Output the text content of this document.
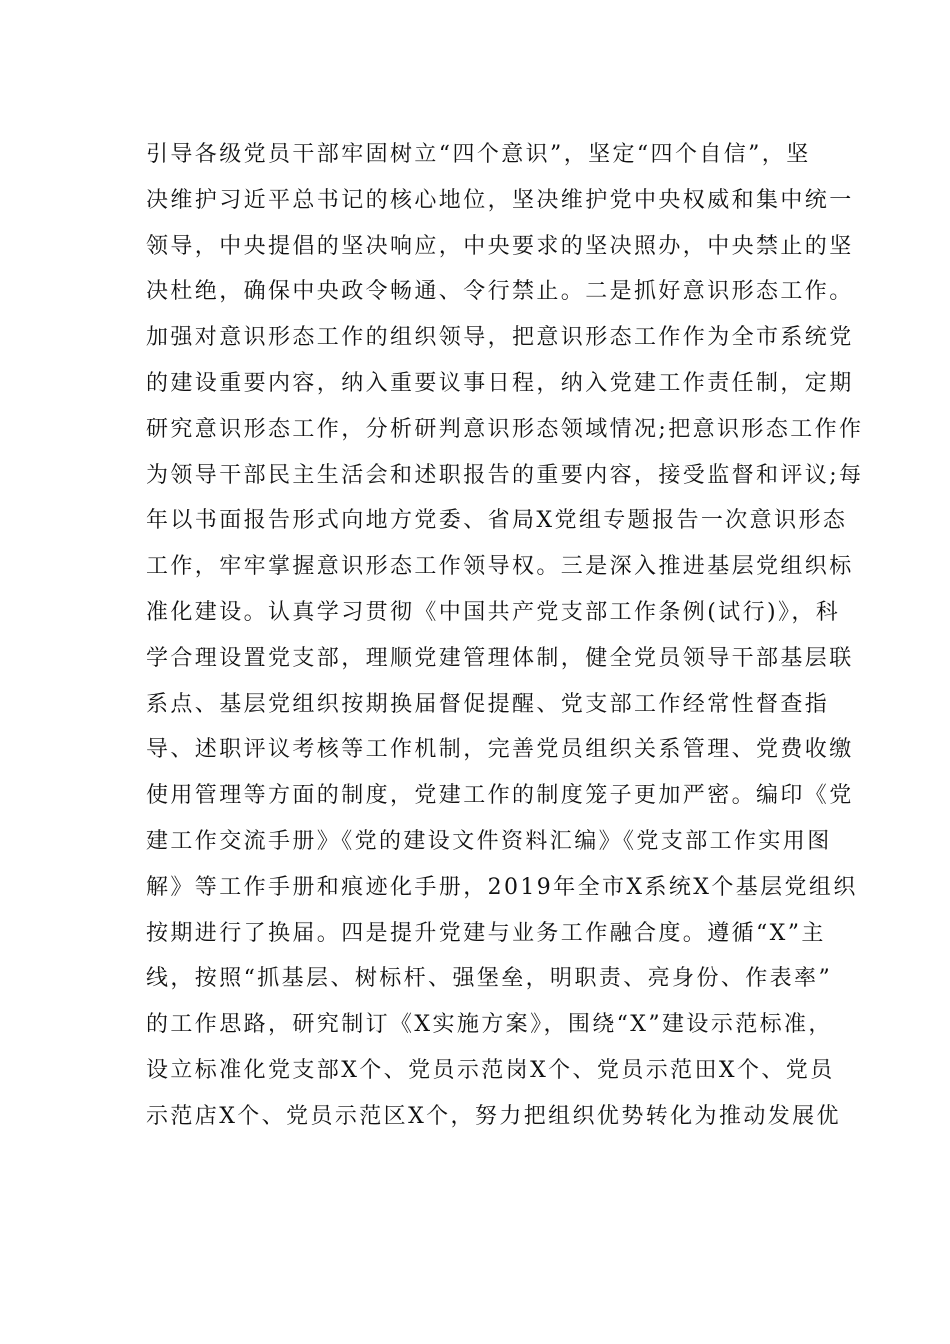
引导各级党员干部牢固树立“四个意识”，坚定“四个自信”，坚
决维护习近平总书记的核心地位，坚决维护党中央权威和集中统一
领导，中央提倡的坚决响应，中央要求的坚决照办，中央禁止的坚
决杜绝，确保中央政令畅通、令行禁止。二是抓好意识形态工作。
加强对意识形态工作的组织领导，把意识形态工作作为全市系统党
的建设重要内容，纳入重要议事日程，纳入党建工作责任制，定期
研究意识形态工作，分析研判意识形态领域情况;把意识形态工作作
为领导干部民主生活会和述职报告的重要内容，接受监督和评议;每
年以书面报告形式向地方党委、省局X党组专题报告一次意识形态
工作，牢牢掌握意识形态工作领导权。三是深入推进基层党组织标
准化建设。认真学习贯彻《中国共产党支部工作条例(试行)》，科
学合理设置党支部，理顺党建管理体制，健全党员领导干部基层联
系点、基层党组织按期换届督促提醒、党支部工作经常性督查指
导、述职评议考核等工作机制，完善党员组织关系管理、党费收缴
使用管理等方面的制度，党建工作的制度笼子更加严密。编印《党
建工作交流手册》《党的建设文件资料汇编》《党支部工作实用图
解》等工作手册和痕迹化手册，2019年全市X系统X个基层党组织
按期进行了换届。四是提升党建与业务工作融合度。遵循“X”主
线，按照“抓基层、树标杆、强堡垒，明职责、亮身份、作表率”
的工作思路，研究制订《X实施方案》，围绕“X”建设示范标准，
设立标准化党支部X个、党员示范岗X个、党员示范田X个、党员
示范店X个、党员示范区X个，努力把组织优势转化为推动发展优
